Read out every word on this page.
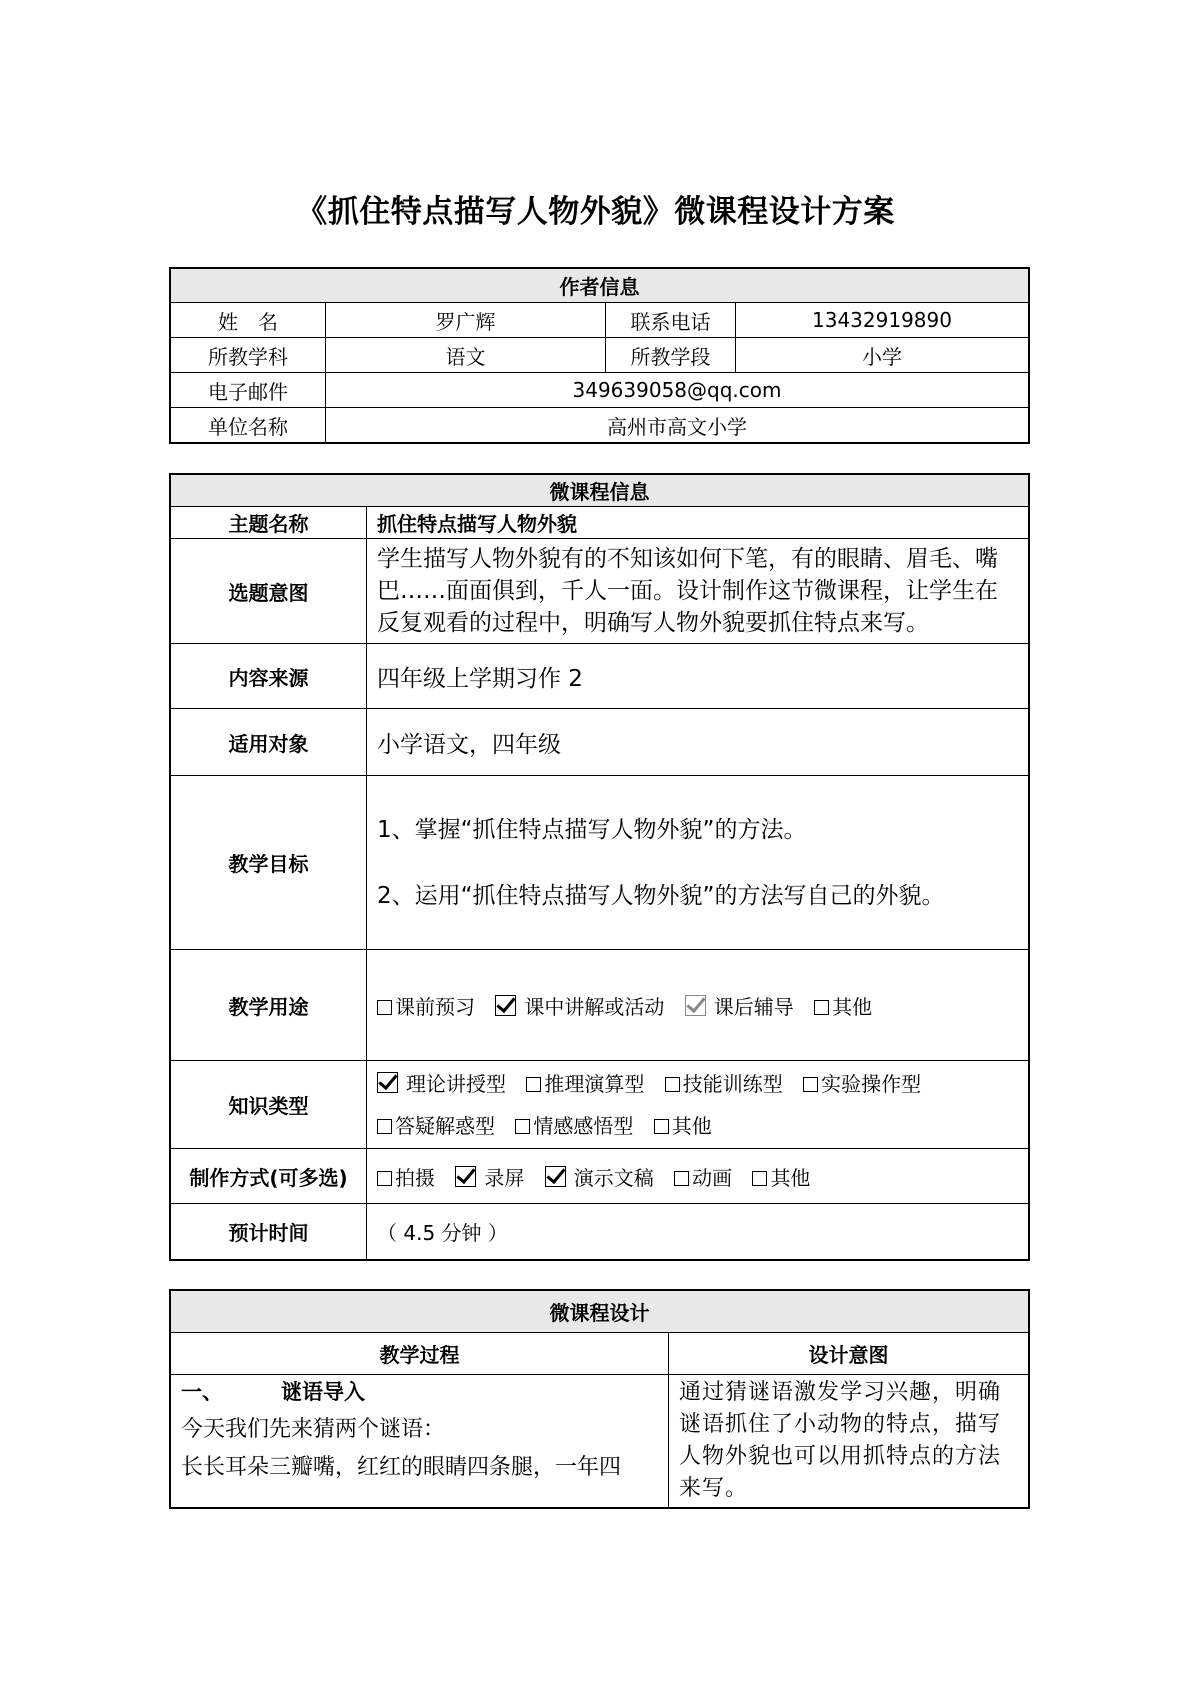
《抓住特点描写人物外貌》微课程设计方案
作者信息			
姓　名	罗广辉	联系电话	13432919890
所教学科	语文	所教学段	小学
电子邮件	349639058@qq.com		
单位名称	高州市高文小学		
微课程信息	
主题名称	抓住特点描写人物外貌
选题意图	学生描写人物外貌有的不知该如何下笔，有的眼睛、眉毛、嘴巴……面面俱到，千人一面。设计制作这节微课程，让学生在反复观看的过程中，明确写人物外貌要抓住特点来写。
内容来源	四年级上学期习作 2
适用对象	小学语文，四年级
教学目标	1、掌握“抓住特点描写人物外貌”的方法。
2、运用“抓住特点描写人物外貌”的方法写自己的外貌。

教学用途	课前预习 课中讲解或活动 课后辅导 其他
知识类型	理论讲授型 推理演算型 技能训练型 实验操作型
答疑解惑型 情感感悟型 其他

制作方式(可多选)	拍摄 录屏 演示文稿 动画 其他
预计时间	（ 4.5 分钟 ）
微课程设计	
教学过程	设计意图

一、 谜语导入
今天我们先来猜两个谜语：
长长耳朵三瓣嘴，红红的眼睛四条腿，一年四	通过猜谜语激发学习兴趣，明确谜语抓住了小动物的特点，描写人物外貌也可以用抓特点的方法来写。
